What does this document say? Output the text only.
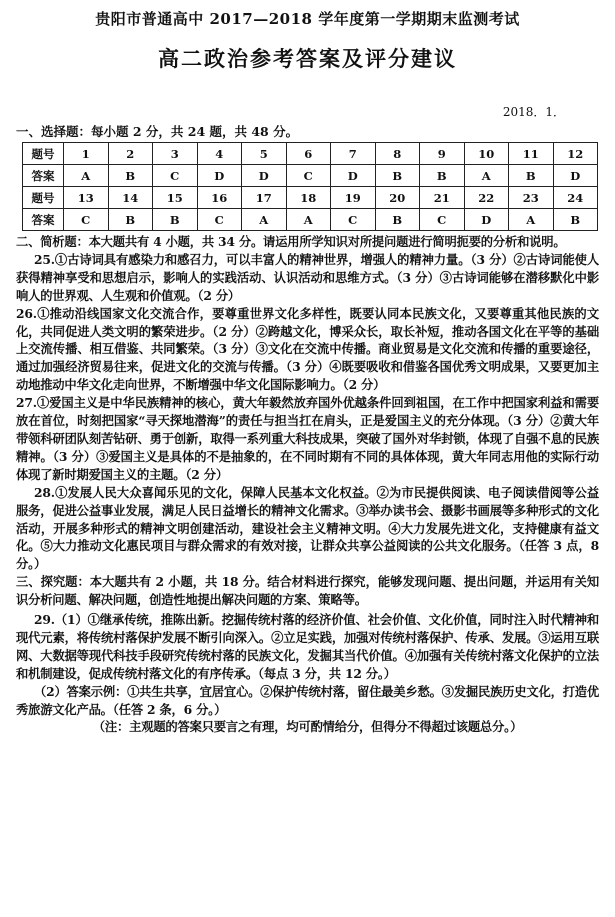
贵阳市普通高中 2017—2018 学年度第一学期期末监测考试
高二政治参考答案及评分建议
2018．1．
一、选择题：每小题 2 分，共 24 题，共 48 分。
题号	1	2	3	4	5	6	7	8	9	10	11	12
答案	A	B	C	D	D	C	D	B	B	A	B	D
题号	13	14	15	16	17	18	19	20	21	22	23	24
答案	C	B	B	C	A	A	C	B	C	D	A	B
二、简析题：本大题共有 4 小题，共 34 分。请运用所学知识对所提问题进行简明扼要的分析和说明。
25.①古诗词具有感染力和感召力，可以丰富人的精神世界，增强人的精神力量。（3 分）②古诗词能使人获得精神享受和思想启示，影响人的实践活动、认识活动和思维方式。（3 分）③古诗词能够在潜移默化中影响人的世界观、人生观和价值观。（2 分）
26.①推动沿线国家文化交流合作，要尊重世界文化多样性，既要认同本民族文化，又要尊重其他民族的文化，共同促进人类文明的繁荣进步。（2 分）②跨越文化，博采众长，取长补短，推动各国文化在平等的基础上交流传播、相互借鉴、共同繁荣。（3 分）③文化在交流中传播。商业贸易是文化交流和传播的重要途径，通过加强经济贸易往来，促进文化的交流与传播。（3 分）④既要吸收和借鉴各国优秀文明成果，又要更加主动地推动中华文化走向世界，不断增强中华文化国际影响力。（2 分）
27.①爱国主义是中华民族精神的核心，黄大年毅然放弃国外优越条件回到祖国，在工作中把国家利益和需要放在首位，时刻把国家“寻天探地潜海”的责任与担当扛在肩头，正是爱国主义的充分体现。（3 分）②黄大年带领科研团队刻苦钻研、勇于创新，取得一系列重大科技成果，突破了国外对华封锁，体现了自强不息的民族精神。（3 分）③爱国主义是具体的不是抽象的，在不同时期有不同的具体体现，黄大年同志用他的实际行动体现了新时期爱国主义的主题。（2 分）
28.①发展人民大众喜闻乐见的文化，保障人民基本文化权益。②为市民提供阅读、电子阅读借阅等公益服务，促进公益事业发展，满足人民日益增长的精神文化需求。③举办读书会、摄影书画展等多种形式的文化活动，开展多种形式的精神文明创建活动，建设社会主义精神文明。④大力发展先进文化，支持健康有益文化。⑤大力推动文化惠民项目与群众需求的有效对接，让群众共享公益阅读的公共文化服务。（任答 3 点，8 分。）
三、探究题：本大题共有 2 小题，共 18 分。结合材料进行探究，能够发现问题、提出问题，并运用有关知识分析问题、解决问题，创造性地提出解决问题的方案、策略等。
29.（1）①继承传统，推陈出新。挖掘传统村落的经济价值、社会价值、文化价值，同时注入时代精神和现代元素，将传统村落保护发展不断引向深入。②立足实践，加强对传统村落保护、传承、发展。③运用互联网、大数据等现代科技手段研究传统村落的民族文化，发掘其当代价值。④加强有关传统村落文化保护的立法和机制建设，促成传统村落文化的有序传承。（每点 3 分，共 12 分。）
（2）答案示例：①共生共享，宜居宜心。②保护传统村落，留住最美乡愁。③发掘民族历史文化，打造优秀旅游文化产品。（任答 2 条，6 分。）
（注：主观题的答案只要言之有理，均可酌情给分，但得分不得超过该题总分。）
